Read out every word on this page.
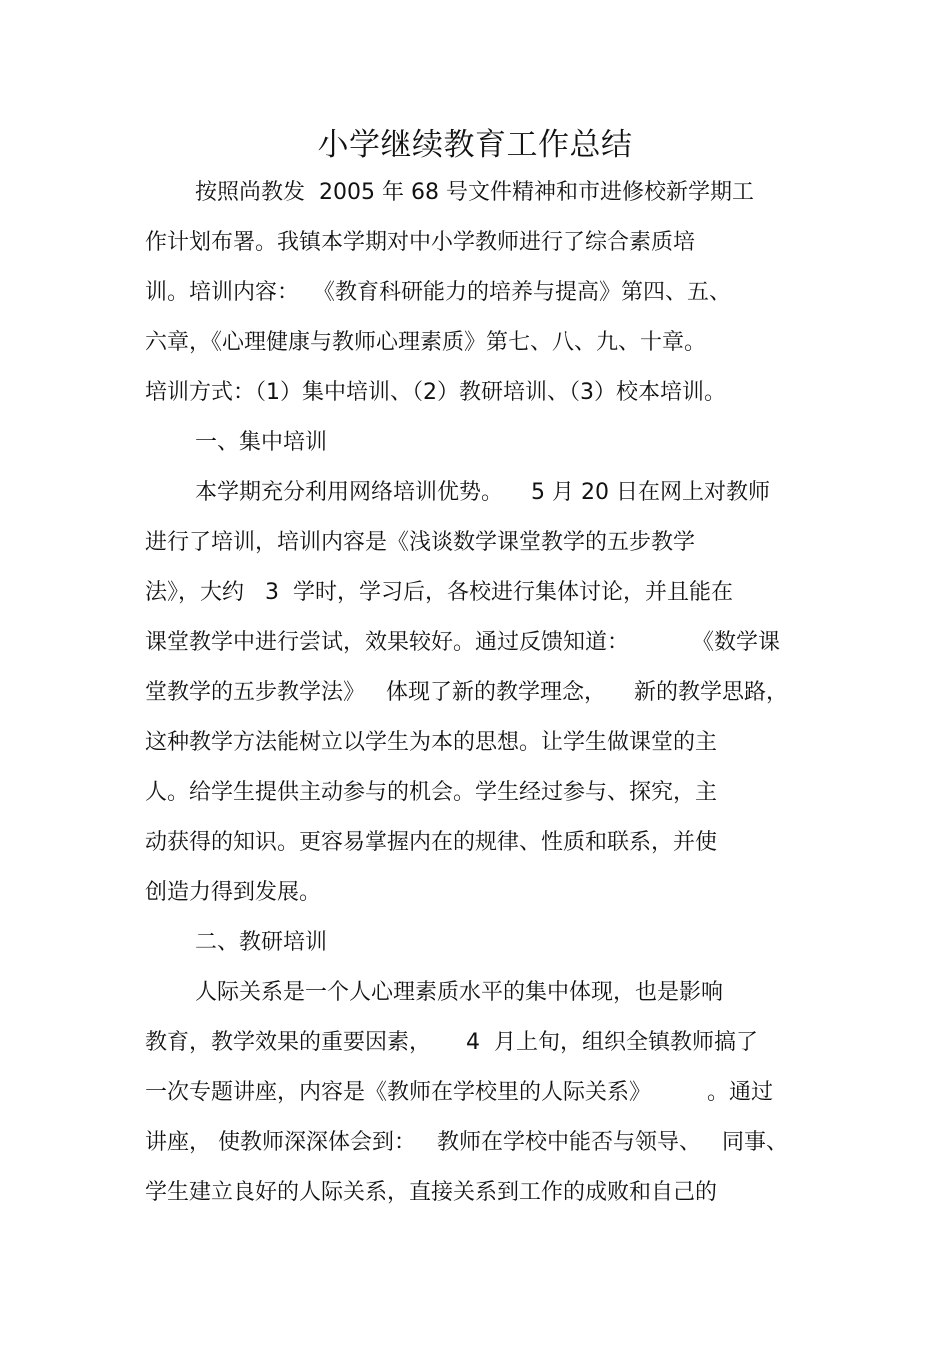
小学继续教育工作总结
按照尚教发  2005 年 68 号文件精神和市进修校新学期工
作计划布署。我镇本学期对中小学教师进行了综合素质培
训。培训内容：  《教育科研能力的培养与提高》第四、五、
六章，《心理健康与教师心理素质》第七、八、九、十章。
培训方式：（1）集中培训、（2）教研培训、（3）校本培训。
一、集中培训
本学期充分利用网络培训优势。    5 月 20 日在网上对教师
进行了培训，培训内容是《浅谈数学课堂教学的五步教学
法》，大约   3  学时，学习后，各校进行集体讨论，并且能在
课堂教学中进行尝试，效果较好。通过反馈知道：         《数学课
堂教学的五步教学法》   体现了新的教学理念，    新的教学思路，
这种教学方法能树立以学生为本的思想。让学生做课堂的主
人。给学生提供主动参与的机会。学生经过参与、探究，主
动获得的知识。更容易掌握内在的规律、性质和联系，并使
创造力得到发展。
二、教研培训
人际关系是一个人心理素质水平的集中体现，也是影响
教育，教学效果的重要因素，     4  月上旬，组织全镇教师搞了
一次专题讲座，内容是《教师在学校里的人际关系》        。通过
讲座， 使教师深深体会到：   教师在学校中能否与领导、   同事、
学生建立良好的人际关系，直接关系到工作的成败和自己的
